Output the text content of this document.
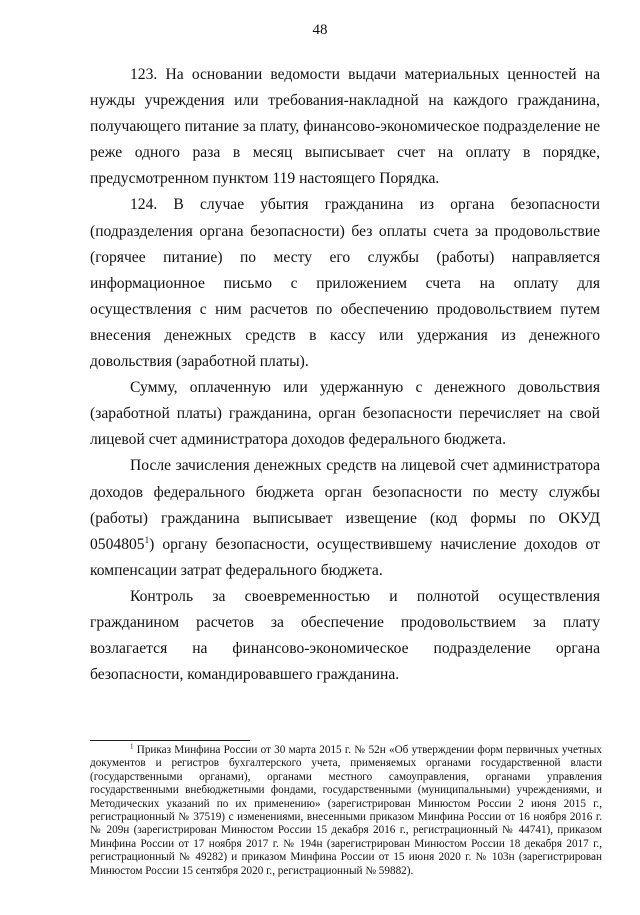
48

123. На основании ведомости выдачи материальных ценностей на нужды учреждения или требования-накладной на каждого гражданина, получающего питание за плату, финансово-экономическое подразделение не реже одного раза в месяц выписывает счет на оплату в порядке, предусмотренном пунктом 119 настоящего Порядка.

124. В случае убытия гражданина из органа безопасности (подразделения органа безопасности) без оплаты счета за продовольствие (горячее питание) по месту его службы (работы) направляется информационное письмо с приложением счета на оплату для осуществления с ним расчетов по обеспечению продовольствием путем внесения денежных средств в кассу или удержания из денежного довольствия (заработной платы).

Сумму, оплаченную или удержанную с денежного довольствия (заработной платы) гражданина, орган безопасности перечисляет на свой лицевой счет администратора доходов федерального бюджета.

После зачисления денежных средств на лицевой счет администратора доходов федерального бюджета орган безопасности по месту службы (работы) гражданина выписывает извещение (код формы по ОКУД 0504805$^1$) органу безопасности, осуществившему начисление доходов от компенсации затрат федерального бюджета.

Контроль за своевременностью и полнотой осуществления гражданином расчетов за обеспечение продовольствием за плату возлагается на финансово-экономическое подразделение органа безопасности, командировавшего гражданина.

$^1$ Приказ Минфина России от 30 марта 2015 г. № 52н «Об утверждении форм первичных учетных документов и регистров бухгалтерского учета, применяемых органами государственной власти (государственными органами), органами местного самоуправления, органами управления государственными внебюджетными фондами, государственными (муниципальными) учреждениями, и Методических указаний по их применению» (зарегистрирован Минюстом России 2 июня 2015 г., регистрационный № 37519) с изменениями, внесенными приказом Минфина России от 16 ноября 2016 г. № 209н (зарегистрирован Минюстом России 15 декабря 2016 г., регистрационный № 44741), приказом Минфина России от 17 ноября 2017 г. № 194н (зарегистрирован Минюстом России 18 декабря 2017 г., регистрационный № 49282) и приказом Минфина России от 15 июня 2020 г. № 103н (зарегистрирован Минюстом России 15 сентября 2020 г., регистрационный № 59882).
